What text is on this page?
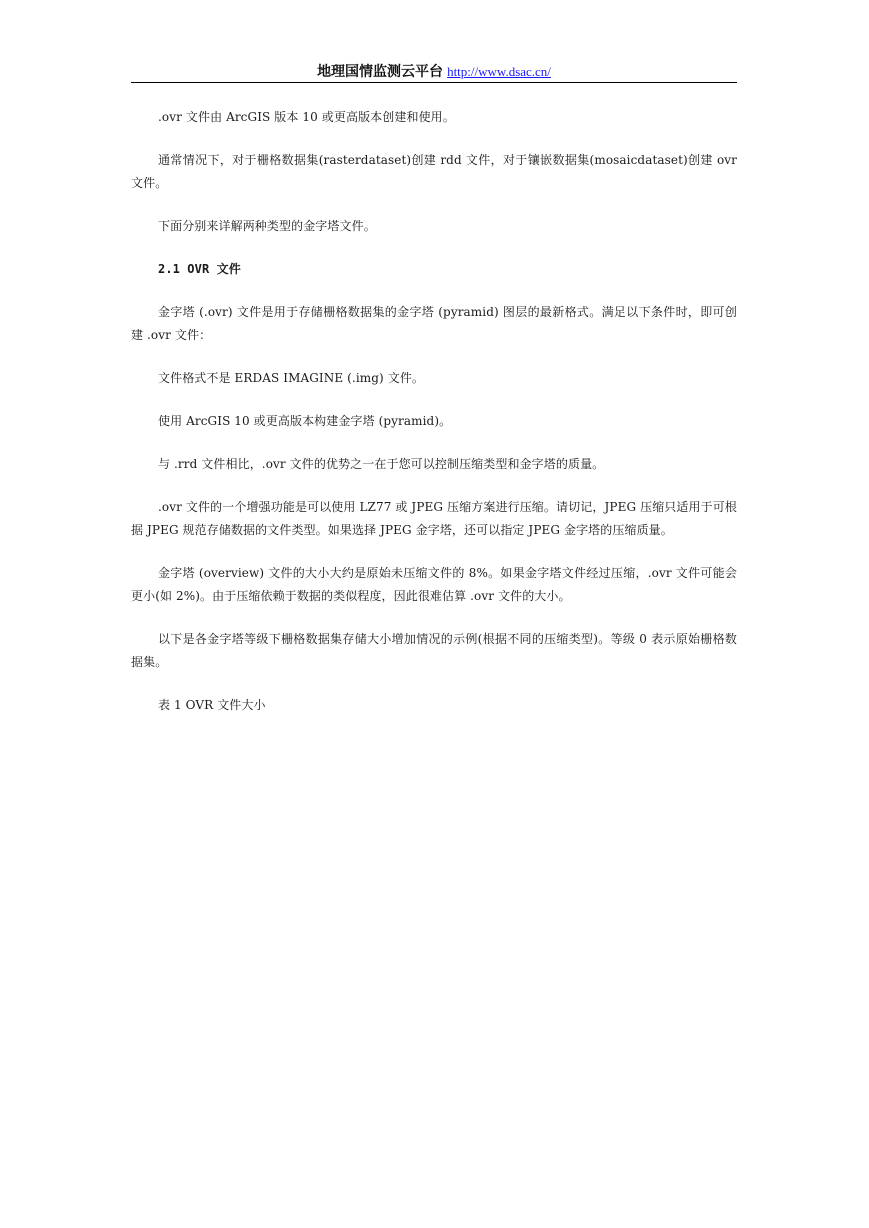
地理国情监测云平台 http://www.dsac.cn/

.ovr 文件由 ArcGIS 版本 10 或更高版本创建和使用。

通常情况下，对于栅格数据集(rasterdataset)创建 rdd 文件，对于镶嵌数据集(mosaicdataset)创建 ovr 文件。

下面分别来详解两种类型的金字塔文件。

2.1 OVR 文件

金字塔 (.ovr) 文件是用于存储栅格数据集的金字塔 (pyramid) 图层的最新格式。满足以下条件时，即可创建 .ovr 文件：

文件格式不是 ERDAS IMAGINE (.img) 文件。

使用 ArcGIS 10 或更高版本构建金字塔 (pyramid)。

与 .rrd 文件相比，.ovr 文件的优势之一在于您可以控制压缩类型和金字塔的质量。

.ovr 文件的一个增强功能是可以使用 LZ77 或 JPEG 压缩方案进行压缩。请切记，JPEG 压缩只适用于可根据 JPEG 规范存储数据的文件类型。如果选择 JPEG 金字塔，还可以指定 JPEG 金字塔的压缩质量。

金字塔 (overview) 文件的大小大约是原始未压缩文件的 8%。如果金字塔文件经过压缩，.ovr 文件可能会更小(如 2%)。由于压缩依赖于数据的类似程度，因此很难估算 .ovr 文件的大小。

以下是各金字塔等级下栅格数据集存储大小增加情况的示例(根据不同的压缩类型)。等级 0 表示原始栅格数据集。

表 1 OVR 文件大小
